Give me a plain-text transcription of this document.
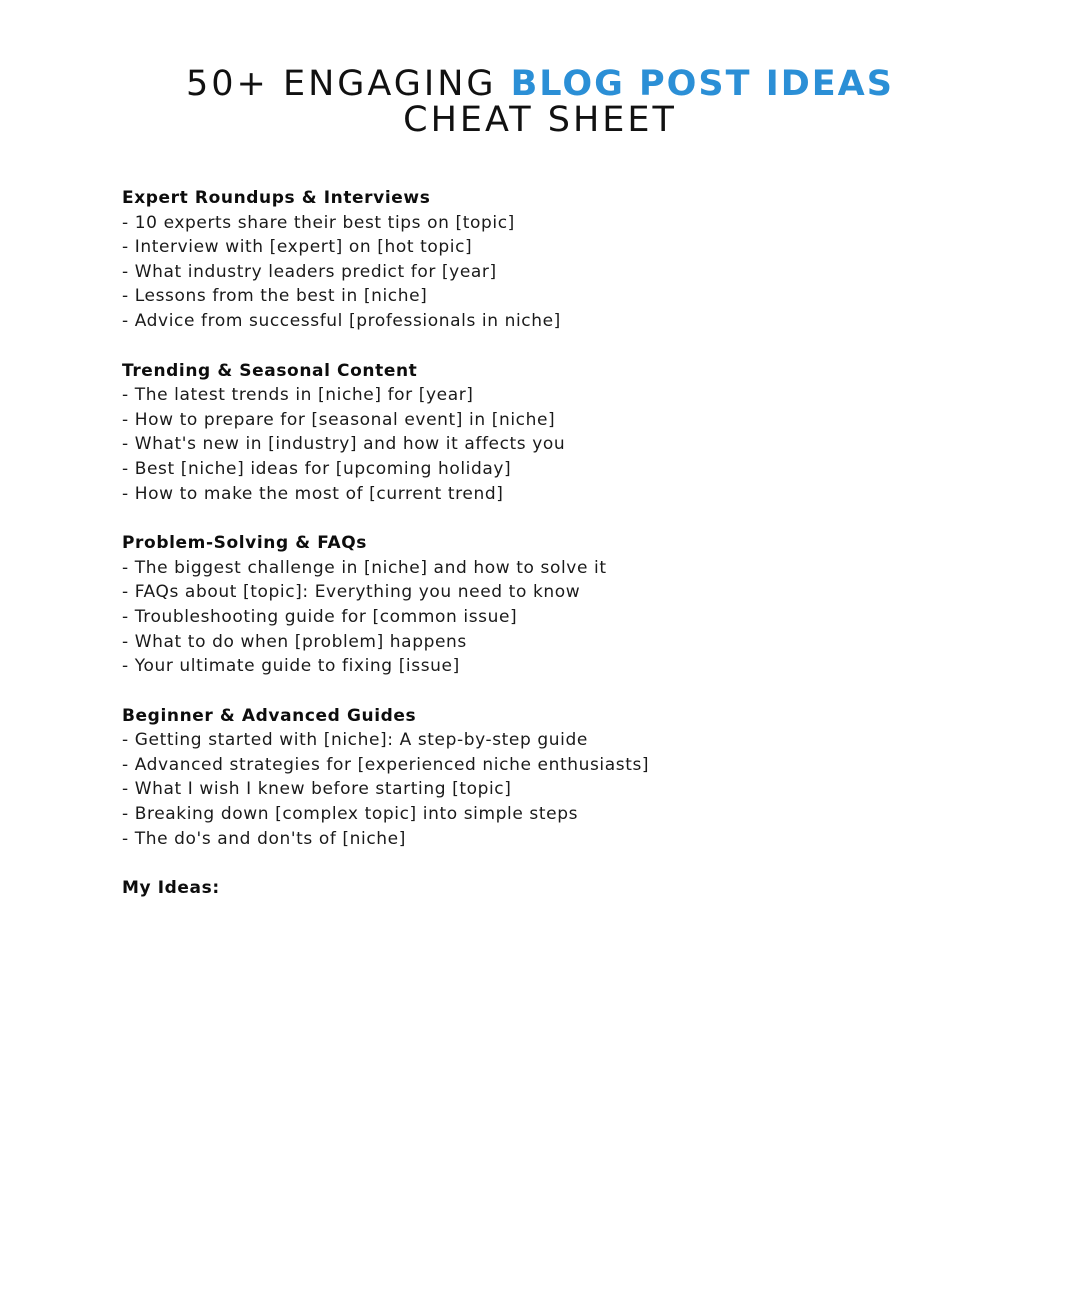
50+ ENGAGING BLOG POST IDEAS
CHEAT SHEET
Expert Roundups & Interviews
- 10 experts share their best tips on [topic]
- Interview with [expert] on [hot topic]
- What industry leaders predict for [year]
- Lessons from the best in [niche]
- Advice from successful [professionals in niche]
Trending & Seasonal Content
- The latest trends in [niche] for [year]
- How to prepare for [seasonal event] in [niche]
- What's new in [industry] and how it affects you
- Best [niche] ideas for [upcoming holiday]
- How to make the most of [current trend]
Problem-Solving & FAQs
- The biggest challenge in [niche] and how to solve it
- FAQs about [topic]: Everything you need to know
- Troubleshooting guide for [common issue]
- What to do when [problem] happens
- Your ultimate guide to fixing [issue]
Beginner & Advanced Guides
- Getting started with [niche]: A step-by-step guide
- Advanced strategies for [experienced niche enthusiasts]
- What I wish I knew before starting [topic]
- Breaking down [complex topic] into simple steps
- The do's and don'ts of [niche]
My Ideas:
